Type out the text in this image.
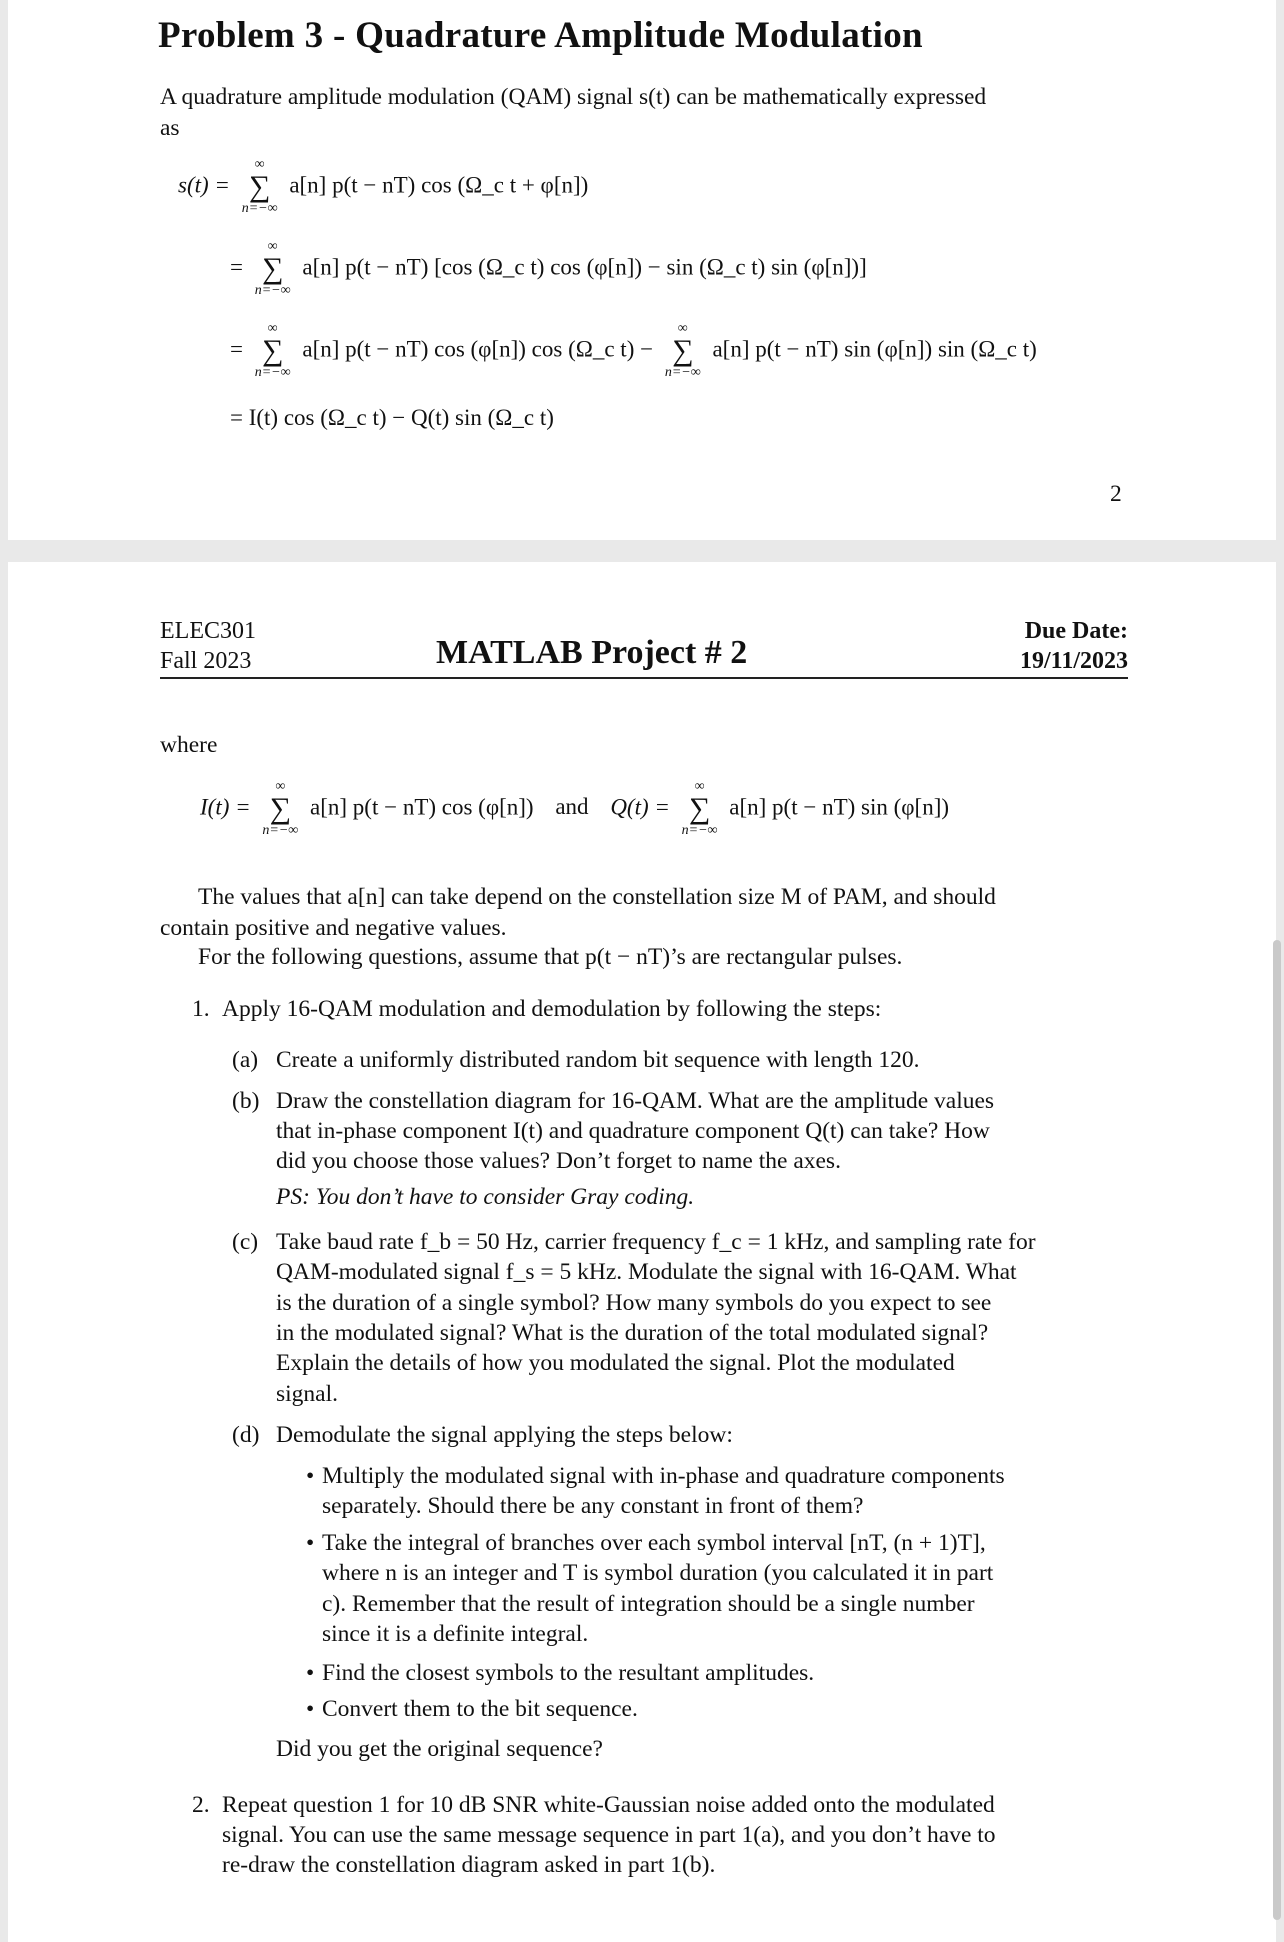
Problem 3 - Quadrature Amplitude Modulation
A quadrature amplitude modulation (QAM) signal s(t) can be mathematically expressed
as
s(t) =
∞
∑
n=−∞
a[n] p(t − nT) cos (Ω_c t + φ[n])
=
∞
∑
n=−∞
a[n] p(t − nT) [cos (Ω_c t) cos (φ[n]) − sin (Ω_c t) sin (φ[n])]
=
∞
∑
n=−∞
a[n] p(t − nT) cos (φ[n]) cos (Ω_c t) −
∞
∑
n=−∞
a[n] p(t − nT) sin (φ[n]) sin (Ω_c t)
= I(t) cos (Ω_c t) − Q(t) sin (Ω_c t)
2
ELEC301
Fall 2023	MATLAB Project # 2
Due Date:
19/11/2023
where
I(t) =
∞
∑
n=−∞
a[n] p(t − nT) cos (φ[n]) and Q(t) =
∞
∑
n=−∞
a[n] p(t − nT) sin (φ[n])
The values that a[n] can take depend on the constellation size M of PAM, and should
contain positive and negative values.
For the following questions, assume that p(t − nT)’s are rectangular pulses.
1. Apply 16-QAM modulation and demodulation by following the steps:
(a) Create a uniformly distributed random bit sequence with length 120.
(b) Draw the constellation diagram for 16-QAM. What are the amplitude values
that in-phase component I(t) and quadrature component Q(t) can take? How
did you choose those values? Don’t forget to name the axes.
PS: You don’t have to consider Gray coding.
(c) Take baud rate f_b = 50 Hz, carrier frequency f_c = 1 kHz, and sampling rate for
QAM-modulated signal f_s = 5 kHz. Modulate the signal with 16-QAM. What
is the duration of a single symbol? How many symbols do you expect to see
in the modulated signal? What is the duration of the total modulated signal?
Explain the details of how you modulated the signal. Plot the modulated
signal.
(d) Demodulate the signal applying the steps below:
• Multiply the modulated signal with in-phase and quadrature components
separately. Should there be any constant in front of them?
• Take the integral of branches over each symbol interval [nT, (n + 1)T],
where n is an integer and T is symbol duration (you calculated it in part
c). Remember that the result of integration should be a single number
since it is a definite integral.
• Find the closest symbols to the resultant amplitudes.
• Convert them to the bit sequence.
Did you get the original sequence?
2. Repeat question 1 for 10 dB SNR white-Gaussian noise added onto the modulated
signal. You can use the same message sequence in part 1(a), and you don’t have to
re-draw the constellation diagram asked in part 1(b).
